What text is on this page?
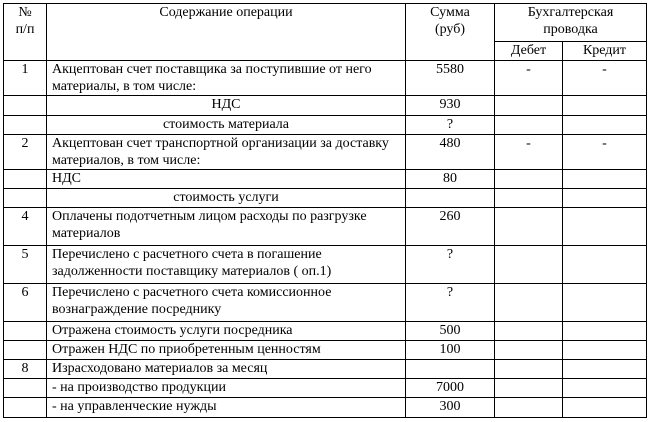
№ п/п	Содержание операции	Сумма (руб)	Бухгалтерская проводка	

			Дебет	Кредит
1	Акцептован счет поставщика за поступившие от него материалы, в том числе:	5580	-	-
	НДС	930		
	стоимость материала	?		
2	Акцептован счет транспортной организации за доставку материалов, в том числе:	480	-	-
	НДС	80		
	стоимость услуги			
4	Оплачены подотчетным лицом расходы по разгрузке материалов	260		
5	Перечислено с расчетного счета в погашение задолженности поставщику материалов ( оп.1)	?		
6	Перечислено с расчетного счета комиссионное вознаграждение посреднику	?		
	Отражена стоимость услуги посредника	500		
	Отражен НДС по приобретенным ценностям	100		
8	Израсходовано материалов за месяц			
	- на производство продукции	7000		
	- на управленческие нужды	300		
